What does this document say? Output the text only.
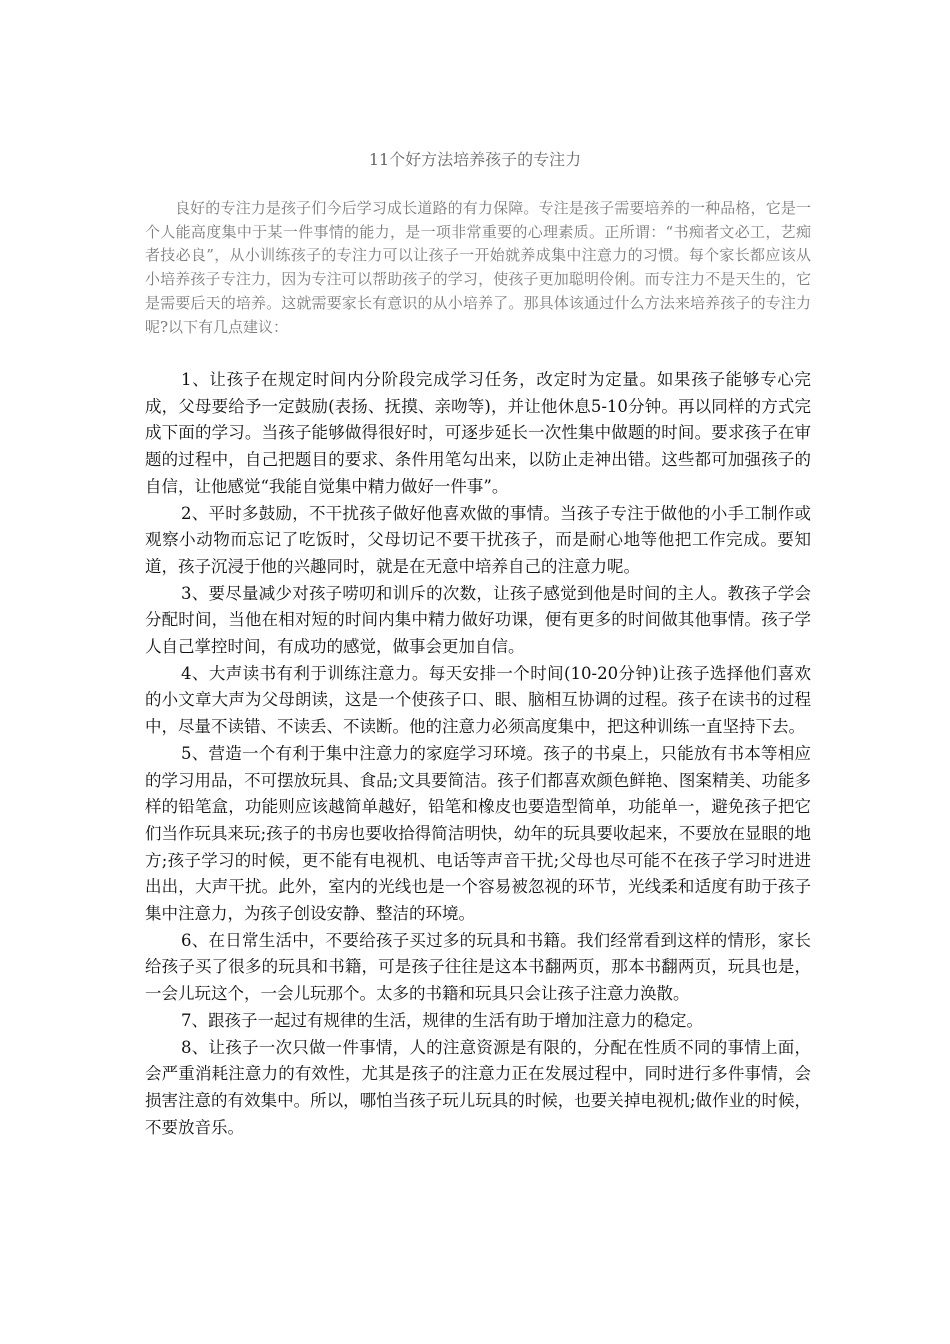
11个好方法培养孩子的专注力

良好的专注力是孩子们今后学习成长道路的有力保障。专注是孩子需要培养的一种品格，它是一个人能高度集中于某一件事情的能力，是一项非常重要的心理素质。正所谓：“书痴者文必工，艺痴者技必良”，从小训练孩子的专注力可以让孩子一开始就养成集中注意力的习惯。每个家长都应该从小培养孩子专注力，因为专注可以帮助孩子的学习，使孩子更加聪明伶俐。而专注力不是天生的，它是需要后天的培养。这就需要家长有意识的从小培养了。那具体该通过什么方法来培养孩子的专注力呢?以下有几点建议：

1、让孩子在规定时间内分阶段完成学习任务，改定时为定量。如果孩子能够专心完成，父母要给予一定鼓励(表扬、抚摸、亲吻等)，并让他休息5-10分钟。再以同样的方式完成下面的学习。当孩子能够做得很好时，可逐步延长一次性集中做题的时间。要求孩子在审题的过程中，自己把题目的要求、条件用笔勾出来，以防止走神出错。这些都可加强孩子的自信，让他感觉“我能自觉集中精力做好一件事”。

2、平时多鼓励，不干扰孩子做好他喜欢做的事情。当孩子专注于做他的小手工制作或观察小动物而忘记了吃饭时，父母切记不要干扰孩子，而是耐心地等他把工作完成。要知道，孩子沉浸于他的兴趣同时，就是在无意中培养自己的注意力呢。

3、要尽量减少对孩子唠叨和训斥的次数，让孩子感觉到他是时间的主人。教孩子学会分配时间，当他在相对短的时间内集中精力做好功课，便有更多的时间做其他事情。孩子学人自己掌控时间，有成功的感觉，做事会更加自信。

4、大声读书有利于训练注意力。每天安排一个时间(10-20分钟)让孩子选择他们喜欢的小文章大声为父母朗读，这是一个使孩子口、眼、脑相互协调的过程。孩子在读书的过程中，尽量不读错、不读丢、不读断。他的注意力必须高度集中，把这种训练一直坚持下去。

5、营造一个有利于集中注意力的家庭学习环境。孩子的书桌上，只能放有书本等相应的学习用品，不可摆放玩具、食品;文具要简洁。孩子们都喜欢颜色鲜艳、图案精美、功能多样的铅笔盒，功能则应该越简单越好，铅笔和橡皮也要造型简单，功能单一，避免孩子把它们当作玩具来玩;孩子的书房也要收拾得简洁明快，幼年的玩具要收起来，不要放在显眼的地方;孩子学习的时候，更不能有电视机、电话等声音干扰;父母也尽可能不在孩子学习时进进出出，大声干扰。此外，室内的光线也是一个容易被忽视的环节，光线柔和适度有助于孩子集中注意力，为孩子创设安静、整洁的环境。

6、在日常生活中，不要给孩子买过多的玩具和书籍。我们经常看到这样的情形，家长给孩子买了很多的玩具和书籍，可是孩子往往是这本书翻两页，那本书翻两页，玩具也是，一会儿玩这个，一会儿玩那个。太多的书籍和玩具只会让孩子注意力涣散。

7、跟孩子一起过有规律的生活，规律的生活有助于增加注意力的稳定。

8、让孩子一次只做一件事情，人的注意资源是有限的，分配在性质不同的事情上面，会严重消耗注意力的有效性，尤其是孩子的注意力正在发展过程中，同时进行多件事情，会损害注意的有效集中。所以，哪怕当孩子玩儿玩具的时候，也要关掉电视机;做作业的时候，不要放音乐。
